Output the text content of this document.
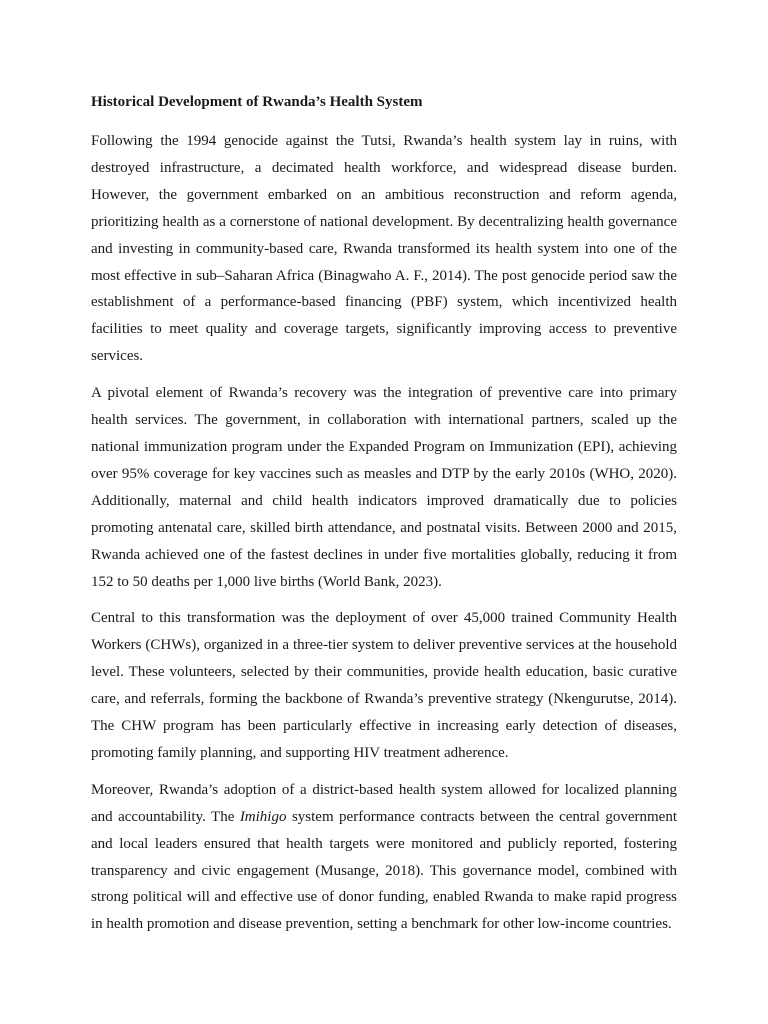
Historical Development of Rwanda’s Health System

Following the 1994 genocide against the Tutsi, Rwanda’s health system lay in ruins, with destroyed infrastructure, a decimated health workforce, and widespread disease burden. However, the government embarked on an ambitious reconstruction and reform agenda, prioritizing health as a cornerstone of national development. By decentralizing health governance and investing in community-based care, Rwanda transformed its health system into one of the most effective in sub–Saharan Africa (Binagwaho A. F., 2014). The post genocide period saw the establishment of a performance-based financing (PBF) system, which incentivized health facilities to meet quality and coverage targets, significantly improving access to preventive services.

A pivotal element of Rwanda’s recovery was the integration of preventive care into primary health services. The government, in collaboration with international partners, scaled up the national immunization program under the Expanded Program on Immunization (EPI), achieving over 95% coverage for key vaccines such as measles and DTP by the early 2010s (WHO, 2020). Additionally, maternal and child health indicators improved dramatically due to policies promoting antenatal care, skilled birth attendance, and postnatal visits. Between 2000 and 2015, Rwanda achieved one of the fastest declines in under five mortalities globally, reducing it from 152 to 50 deaths per 1,000 live births (World Bank, 2023).

Central to this transformation was the deployment of over 45,000 trained Community Health Workers (CHWs), organized in a three-tier system to deliver preventive services at the household level. These volunteers, selected by their communities, provide health education, basic curative care, and referrals, forming the backbone of Rwanda’s preventive strategy (Nkengurutse, 2014). The CHW program has been particularly effective in increasing early detection of diseases, promoting family planning, and supporting HIV treatment adherence.

Moreover, Rwanda’s adoption of a district-based health system allowed for localized planning and accountability. The Imihigo system performance contracts between the central government and local leaders ensured that health targets were monitored and publicly reported, fostering transparency and civic engagement (Musange, 2018). This governance model, combined with strong political will and effective use of donor funding, enabled Rwanda to make rapid progress in health promotion and disease prevention, setting a benchmark for other low-income countries.
